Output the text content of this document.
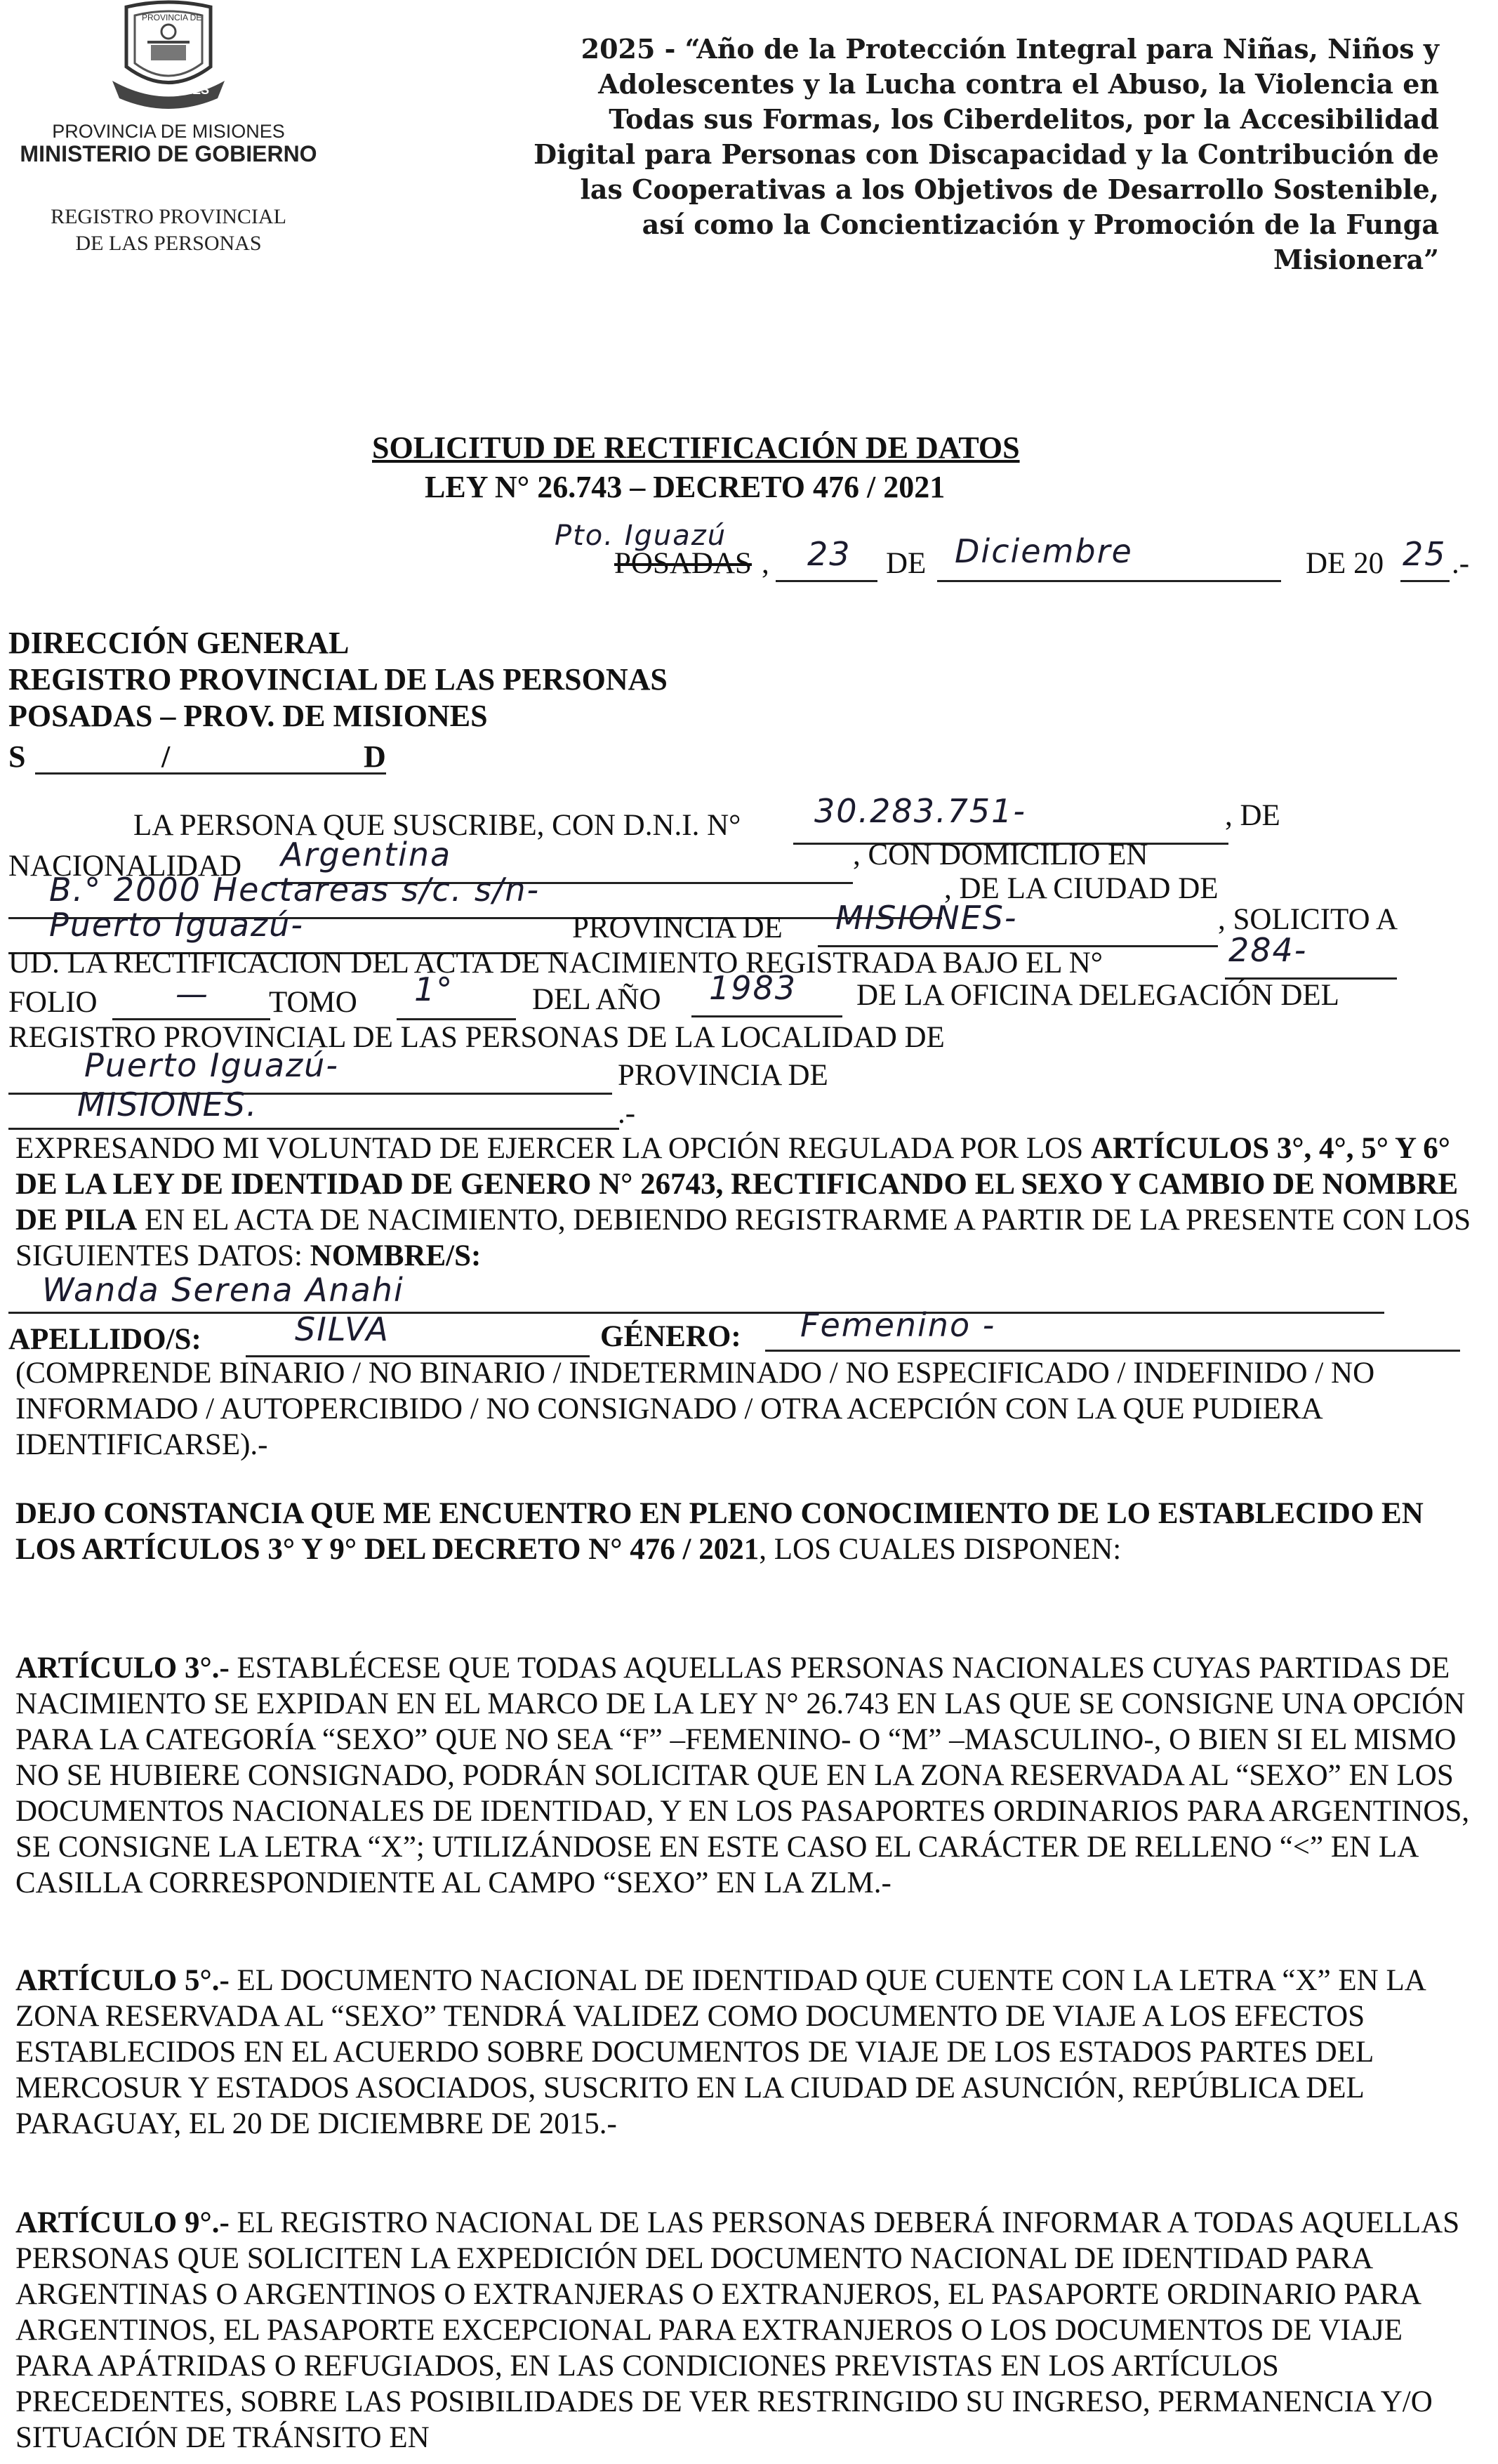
MISIONES
PROVINCIA DE
PROVINCIA DE MISIONES
MINISTERIO DE GOBIERNO
REGISTRO PROVINCIAL
DE LAS PERSONAS
2025 - “Año de la Protección Integral para Niñas, Niños y Adolescentes y la Lucha contra el Abuso, la Violencia en Todas sus Formas, los Ciberdelitos, por la Accesibilidad Digital para Personas con Discapacidad y la Contribución de las Cooperativas a los Objetivos de Desarrollo Sostenible, así como la Concientización y Promoción de la Funga Misionera”
SOLICITUD DE RECTIFICACIÓN DE DATOS
LEY N° 26.743 – DECRETO 476 / 2021
Pto. Iguazú
POSADAS , 23 DE Diciembre	DE 20 25 .-
DIRECCIÓN GENERAL
REGISTRO PROVINCIAL DE LAS PERSONAS
POSADAS – PROV. DE MISIONES
S	/	D
LA PERSONA QUE SUSCRIBE, CON D.N.I. N° 30.283.751-	, DE
NACIONALIDAD Argentina	, CON DOMICILIO EN
B.° 2000 Hectareas s/c. s/n-	, DE LA CIUDAD DE
Puerto Iguazú-	PROVINCIA DE MISIONES-	, SOLICITO A
UD. LA RECTIFICACION DEL ACTA DE NACIMIENTO REGISTRADA BAJO EL N°	284-
FOLIO — TOMO 1°	DEL AÑO 1983 DE LA OFICINA DELEGACIÓN DEL
REGISTRO PROVINCIAL DE LAS PERSONAS DE LA LOCALIDAD DE
Puerto Iguazú-	PROVINCIA DE
MISIONES.	.-
EXPRESANDO MI VOLUNTAD DE EJERCER LA OPCIÓN REGULADA POR LOS ARTÍCULOS 3°, 4°, 5° Y 6° DE LA LEY DE IDENTIDAD DE GENERO N° 26743, RECTIFICANDO EL SEXO Y CAMBIO DE NOMBRE DE PILA EN EL ACTA DE NACIMIENTO, DEBIENDO REGISTRARME A PARTIR DE LA PRESENTE CON LOS SIGUIENTES DATOS: NOMBRE/S:
Wanda Serena Anahi
APELLIDO/S:	SILVA	GÉNERO: Femenino -
(COMPRENDE BINARIO / NO BINARIO / INDETERMINADO / NO ESPECIFICADO / INDEFINIDO / NO INFORMADO / AUTOPERCIBIDO / NO CONSIGNADO / OTRA ACEPCIÓN CON LA QUE PUDIERA IDENTIFICARSE).-
DEJO CONSTANCIA QUE ME ENCUENTRO EN PLENO CONOCIMIENTO DE LO ESTABLECIDO EN LOS ARTÍCULOS 3° Y 9° DEL DECRETO N° 476 / 2021, LOS CUALES DISPONEN:
ARTÍCULO 3°.- ESTABLÉCESE QUE TODAS AQUELLAS PERSONAS NACIONALES CUYAS PARTIDAS DE NACIMIENTO SE EXPIDAN EN EL MARCO DE LA LEY N° 26.743 EN LAS QUE SE CONSIGNE UNA OPCIÓN PARA LA CATEGORÍA “SEXO” QUE NO SEA “F” –FEMENINO- O “M” –MASCULINO-, O BIEN SI EL MISMO NO SE HUBIERE CONSIGNADO, PODRÁN SOLICITAR QUE EN LA ZONA RESERVADA AL “SEXO” EN LOS DOCUMENTOS NACIONALES DE IDENTIDAD, Y EN LOS PASAPORTES ORDINARIOS PARA ARGENTINOS, SE CONSIGNE LA LETRA “X”; UTILIZÁNDOSE EN ESTE CASO EL CARÁCTER DE RELLENO “<” EN LA CASILLA CORRESPONDIENTE AL CAMPO “SEXO” EN LA ZLM.-
ARTÍCULO 5°.- EL DOCUMENTO NACIONAL DE IDENTIDAD QUE CUENTE CON LA LETRA “X” EN LA ZONA RESERVADA AL “SEXO” TENDRÁ VALIDEZ COMO DOCUMENTO DE VIAJE A LOS EFECTOS ESTABLECIDOS EN EL ACUERDO SOBRE DOCUMENTOS DE VIAJE DE LOS ESTADOS PARTES DEL MERCOSUR Y ESTADOS ASOCIADOS, SUSCRITO EN LA CIUDAD DE ASUNCIÓN, REPÚBLICA DEL PARAGUAY, EL 20 DE DICIEMBRE DE 2015.-
ARTÍCULO 9°.- EL REGISTRO NACIONAL DE LAS PERSONAS DEBERÁ INFORMAR A TODAS AQUELLAS PERSONAS QUE SOLICITEN LA EXPEDICIÓN DEL DOCUMENTO NACIONAL DE IDENTIDAD PARA ARGENTINAS O ARGENTINOS O EXTRANJERAS O EXTRANJEROS, EL PASAPORTE ORDINARIO PARA ARGENTINOS, EL PASAPORTE EXCEPCIONAL PARA EXTRANJEROS O LOS DOCUMENTOS DE VIAJE PARA APÁTRIDAS O REFUGIADOS, EN LAS CONDICIONES PREVISTAS EN LOS ARTÍCULOS PRECEDENTES, SOBRE LAS POSIBILIDADES DE VER RESTRINGIDO SU INGRESO, PERMANENCIA Y/O SITUACIÓN DE TRÁNSITO EN
